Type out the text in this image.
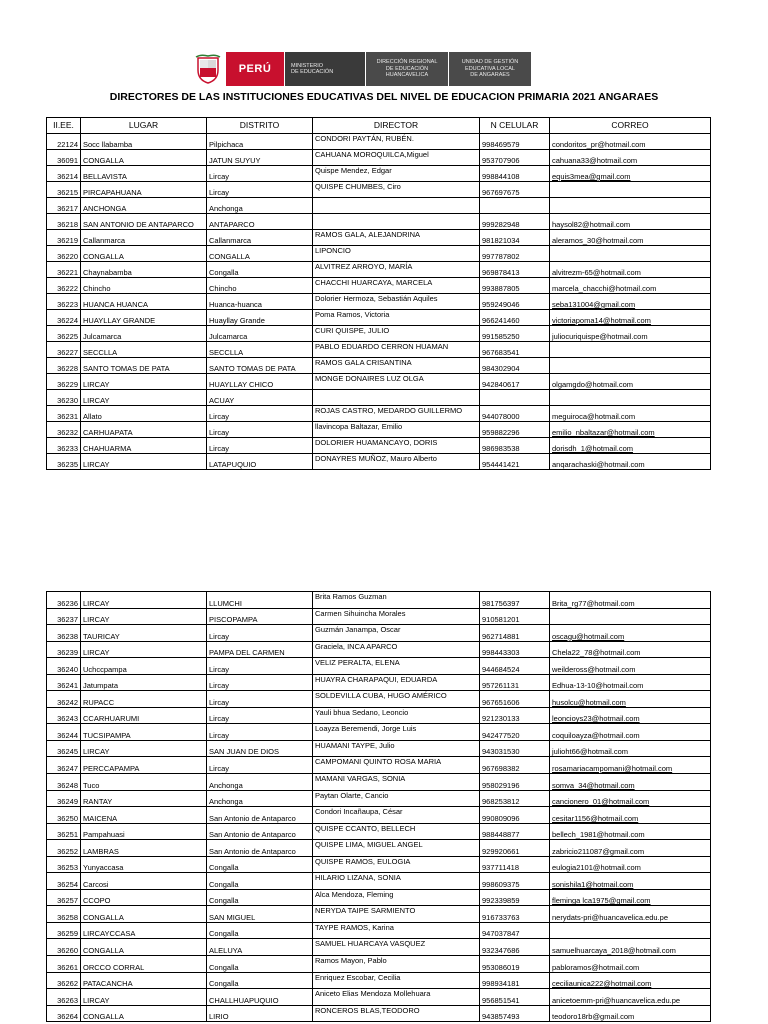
PERÚ	MINISTERIO
DE EDUCACIÓN
DIRECCIÓN REGIONAL
DE EDUCACIÓN
HUANCAVELICA
UNIDAD DE GESTIÓN
EDUCATIVA LOCAL
DE ANGARAES
DIRECTORES DE LAS INSTITUCIONES EDUCATIVAS DEL NIVEL DE EDUCACION PRIMARIA 2021 ANGARAES
II.EE.	LUGAR	DISTRITO	DIRECTOR	N CELULAR	CORREO
22124	Socc llabamba	Pilpichaca	CONDORI PAYTÁN, RUBÉN.	998469579	condoritos_pr@hotmail.com
36091	CONGALLA	JATUN SUYUY	CAHUANA MOROQUILCA,Miguel	953707906	cahuana33@hotmail.com
36214	BELLAVISTA	Lircay	Quispe Mendez, Edgar	998844108	equis3mea@gmail.com
36215	PIRCAPAHUANA	Lircay	QUISPE CHUMBES, Ciro	967697675	
36217	ANCHONGA	Anchonga			
36218	SAN ANTONIO DE ANTAPARCO	ANTAPARCO		999282948	haysol82@hotmail.com
36219	Callanmarca	Callanmarca	RAMOS GALA, ALEJANDRINA	981821034	aleramos_30@hotmail.com
36220	CONGALLA	CONGALLA	LIPONCIO	997787802	
36221	Chaynabamba	Congalla	ALVITREZ ARROYO, MARÍA	969878413	alvitrezm-65@hotmail.com
36222	Chincho	Chincho	CHACCHI HUARCAYA, MARCELA	993887805	marcela_chacchi@hotmail.com
36223	HUANCA HUANCA	Huanca-huanca	Dolorier Hermoza, Sebastián Aquiles	959249046	seba131004@gmail.com
36224	HUAYLLAY GRANDE	Huayllay Grande	Poma Ramos, Victoria	966241460	victoriapoma14@hotmail.com
36225	Julcamarca	Julcamarca	CURI QUISPE, JULIO	991585250	juliocuriquispe@hotmail.com
36227	SECCLLA	SECCLLA	PABLO EDUARDO CERRON HUAMAN	967683541	
36228	SANTO TOMAS DE PATA	SANTO TOMAS DE PATA	RAMOS GALA CRISANTINA	984302904	
36229	LIRCAY	HUAYLLAY CHICO	MONGE DONAIRES LUZ OLGA	942840617	olgamgdo@hotmail.com
36230	LIRCAY	ACUAY			
36231	Allato	Lircay	ROJAS CASTRO, MEDARDO GUILLERMO	944078000	meguiroca@hotmail.com
36232	CARHUAPATA	Lircay	llavincopa Baltazar, Emilio	959882296	emilio_nbaltazar@hotmail.com
36233	CHAHUARMA	Lircay	DOLORIER HUAMANCAYO, DORIS	986983538	dorisdh_1@hotmail.com
36235	LIRCAY	LATAPUQUIO	DONAYRES MUÑOZ, Mauro Alberto	954441421	anqarachaski@hotmail.com
36236	LIRCAY	LLUMCHI	Brita Ramos Guzman	981756397	Brita_rg77@hotmail.com
36237	LIRCAY	PISCOPAMPA	Carmen Sihuincha Morales	910581201	
36238	TAURICAY	Lircay	Guzmán Janampa, Oscar	962714881	oscagu@hotmail.com
36239	LIRCAY	PAMPA DEL CARMEN	Graciela, INCA APARCO	998443303	Chela22_78@hotmail.com
36240	Uchccpampa	Lircay	VELIZ PERALTA, ELENA	944684524	weildeross@hotmail.com
36241	Jatumpata	Lircay	HUAYRA CHARAPAQUI, EDUARDA	957261131	Edhua-13-10@hotmail.com
36242	RUPACC	Lircay	SOLDEVILLA CUBA, HUGO AMÉRICO	967651606	husolcu@hotmail.com
36243	CCARHUARUMI	Lircay	Yauli bhua Sedano, Leoncio	921230133	leoncioys23@hotmail.com
36244	TUCSIPAMPA	Lircay	Loayza Beremendi, Jorge Luis	942477520	coquiloayza@hotmail.com
36245	LIRCAY	SAN JUAN DE DIOS	HUAMANI TAYPE, Julio	943031530	julioht66@hotmail.com
36247	PERCCAPAMPA	Lircay	CAMPOMANI QUINTO ROSA MARIA	967698382	rosamariacampomani@hotmail.com
36248	Tuco	Anchonga	MAMANI VARGAS, SONIA	958029196	somva_34@hotmail.com
36249	RANTAY	Anchonga	Paytan Olarte, Cancio	968253812	cancionero_01@hotmail.com
36250	MAICENA	San Antonio de Antaparco	Condori Incañaupa, César	990809096	cesitar1156@hotmail.com
36251	Pampahuasi	San Antonio de Antaparco	QUISPE CCANTO, BELLECH	988448877	bellech_1981@hotmail.com
36252	LAMBRAS	San Antonio de Antaparco	QUISPE LIMA, MIGUEL ANGEL	929920661	zabricio211087@gmail.com
36253	Yunyaccasa	Congalla	QUISPE RAMOS, EULOGIA	937711418	eulogia2101@hotmail.com
36254	Carcosi	Congalla	HILARIO LIZANA, SONIA	998609375	sonishila1@hotmail.com
36257	CCOPO	Congalla	Alca Mendoza, Fleming	992339859	fleminga lca1975@gmail.com
36258	CONGALLA	SAN MIGUEL	NERYDA TAIPE SARMIENTO	916733763	nerydats-pri@huancavelica.edu.pe
36259	LIRCAYCCASA	Congalla	TAYPE RAMOS, Karina	947037847	
36260	CONGALLA	ALELUYA	SAMUEL HUARCAYA VASQUEZ	932347686	samuelhuarcaya_2018@hotmail.com
36261	ORCCO CORRAL	Congalla	Ramos Mayon, Pablo	953086019	pabloramos@hotmail.com
36262	PATACANCHA	Congalla	Enriquez Escobar, Cecilia	998934181	ceciliaunica222@hotmail.com
36263	LIRCAY	CHALLHUAPUQUIO	Aniceto Elias Mendoza Mollehuara	956851541	anicetoemm-pri@huancavelica.edu.pe
36264	CONGALLA	LIRIO	RONCEROS BLAS,TEODORO	943857493	teodoro18rb@gmail.com
